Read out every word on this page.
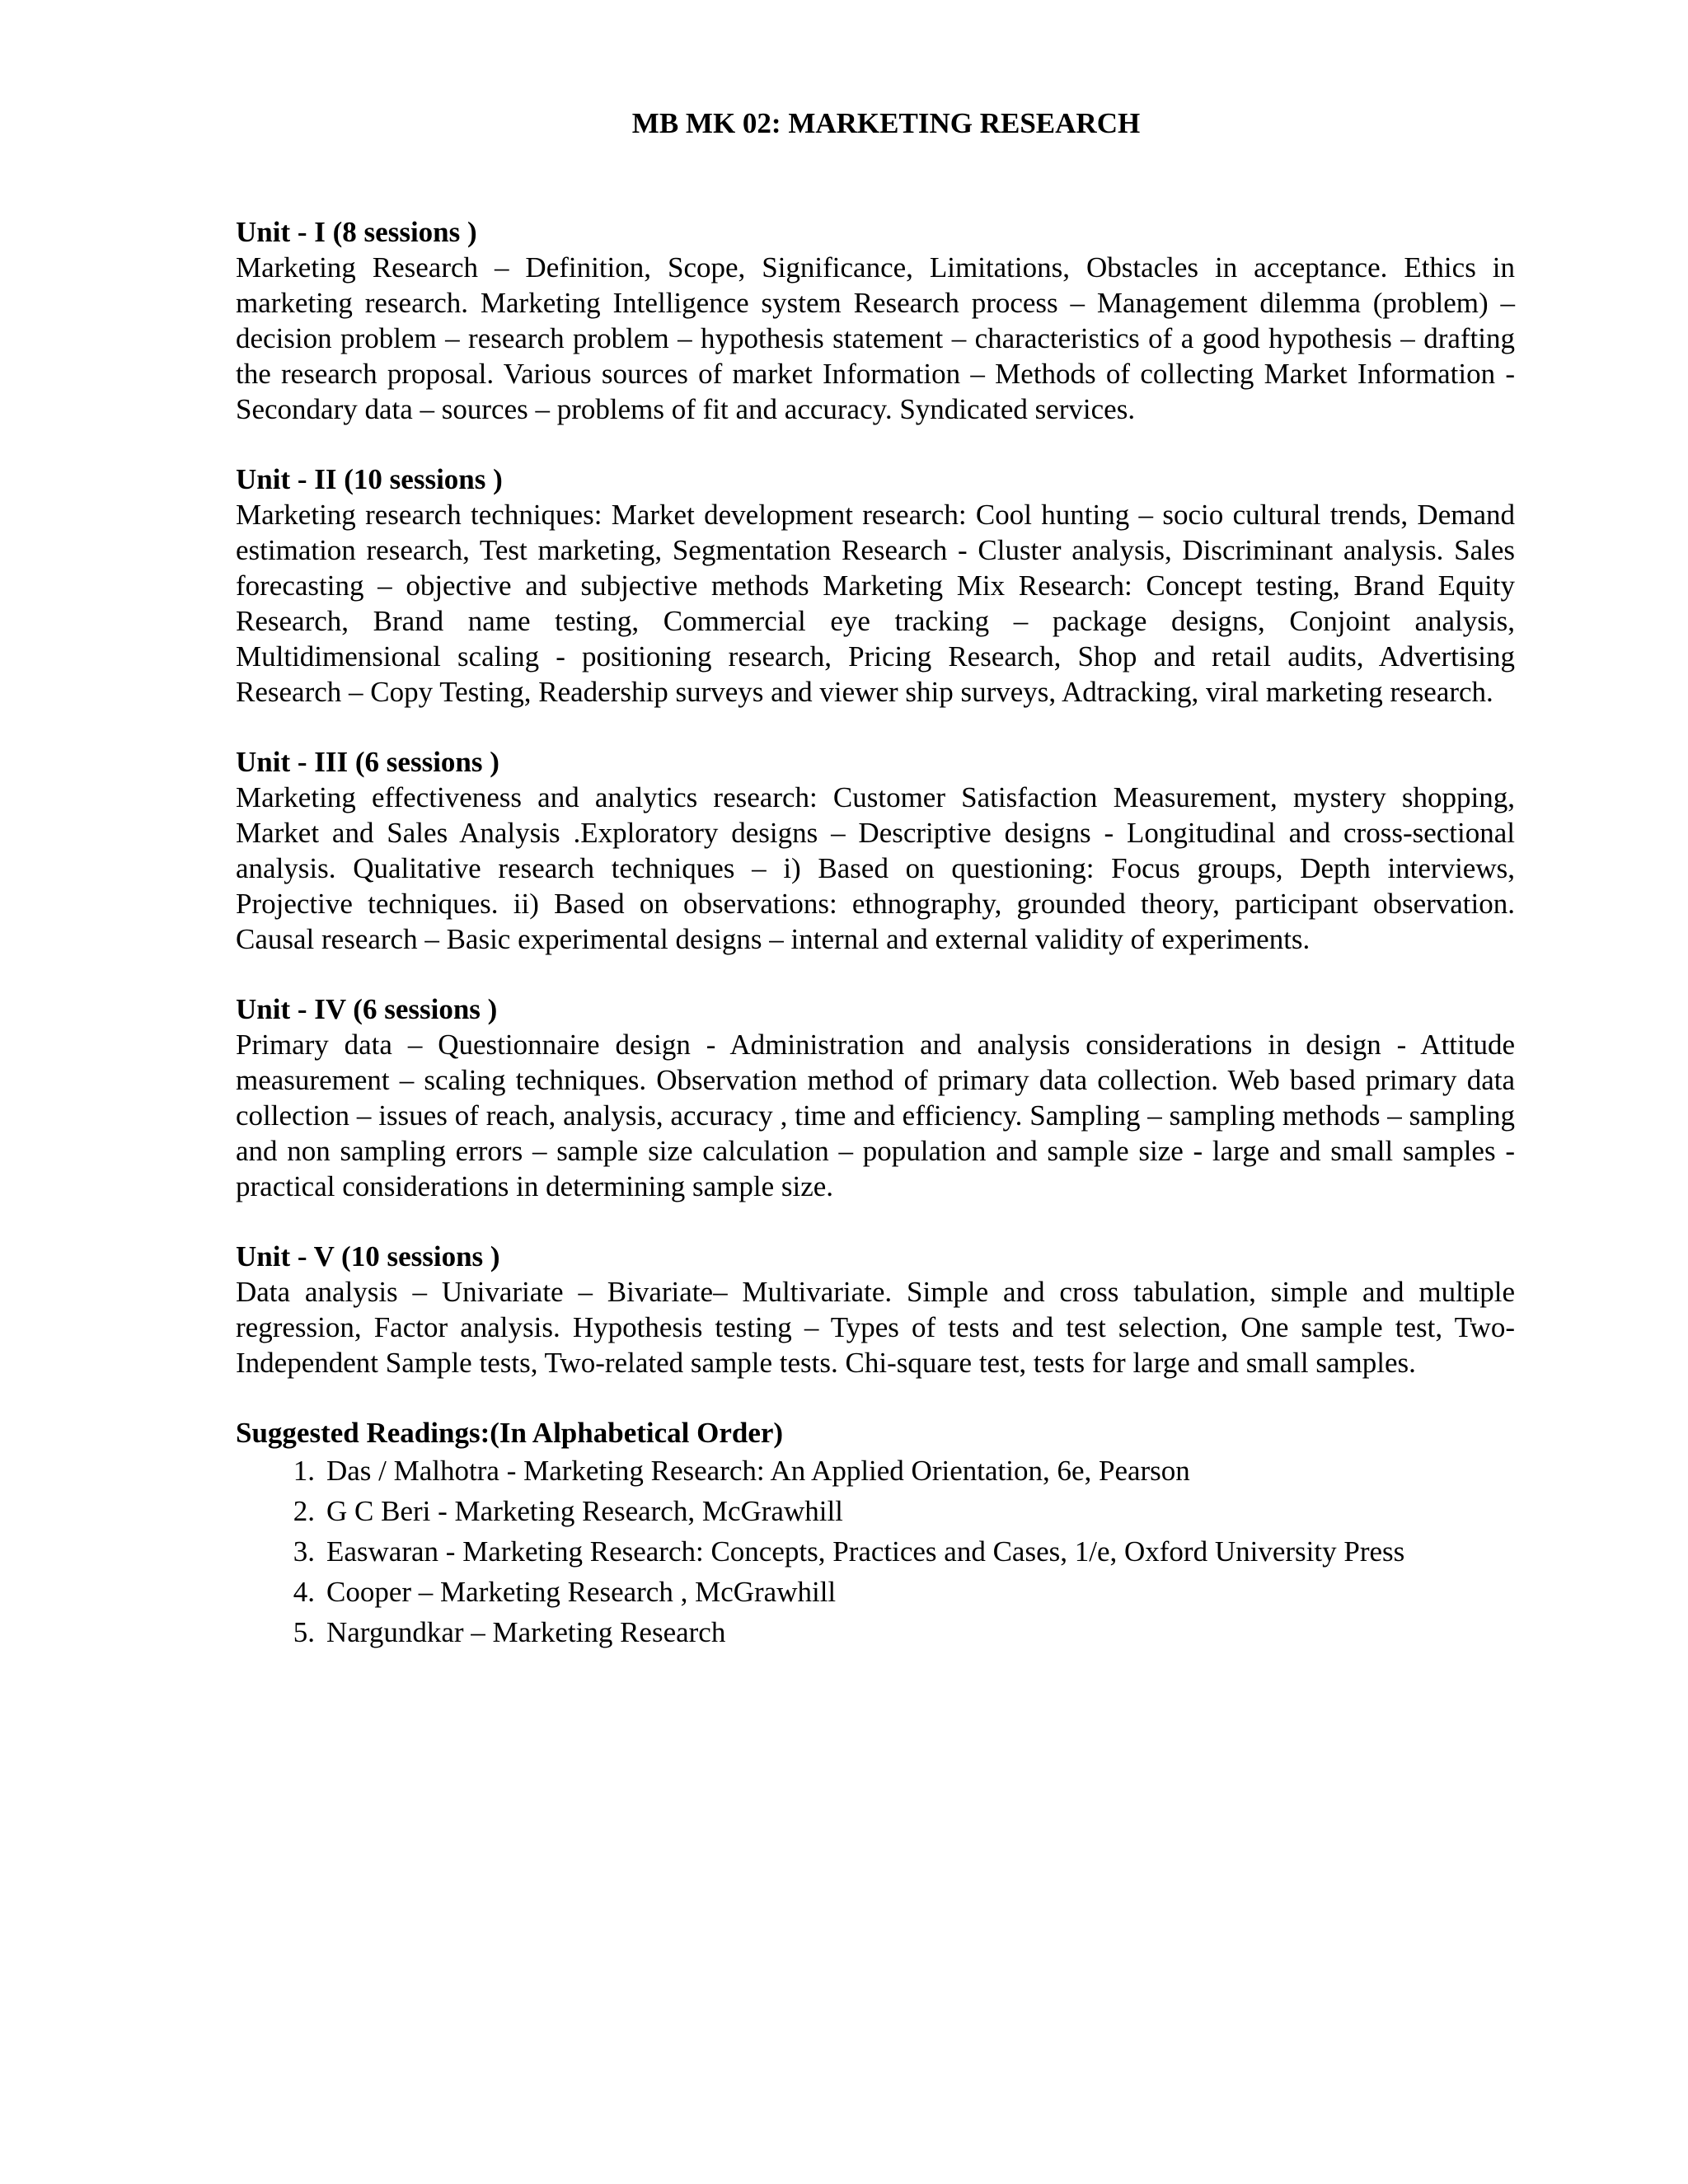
MB MK 02: MARKETING RESEARCH

Unit - I (8 sessions )

Marketing Research – Definition, Scope, Significance, Limitations, Obstacles in acceptance. Ethics in marketing research. Marketing Intelligence system Research process – Management dilemma (problem) – decision problem – research problem – hypothesis statement – characteristics of a good hypothesis – drafting the research proposal. Various sources of market Information – Methods of collecting Market Information - Secondary data – sources – problems of fit and accuracy. Syndicated services.

Unit - II (10 sessions )

Marketing research techniques: Market development research: Cool hunting – socio cultural trends, Demand estimation research, Test marketing, Segmentation Research - Cluster analysis, Discriminant analysis. Sales forecasting – objective and subjective methods Marketing Mix Research: Concept testing, Brand Equity Research, Brand name testing, Commercial eye tracking – package designs, Conjoint analysis, Multidimensional scaling - positioning research, Pricing Research, Shop and retail audits, Advertising Research – Copy Testing, Readership surveys and viewer ship surveys, Adtracking, viral marketing research.

Unit - III (6 sessions )

Marketing effectiveness and analytics research: Customer Satisfaction Measurement, mystery shopping, Market and Sales Analysis .Exploratory designs – Descriptive designs - Longitudinal and cross-sectional analysis. Qualitative research techniques – i) Based on questioning: Focus groups, Depth interviews, Projective techniques. ii) Based on observations: ethnography, grounded theory, participant observation. Causal research – Basic experimental designs – internal and external validity of experiments.

Unit - IV (6 sessions )

Primary data – Questionnaire design - Administration and analysis considerations in design - Attitude measurement – scaling techniques. Observation method of primary data collection. Web based primary data collection – issues of reach, analysis, accuracy , time and efficiency. Sampling – sampling methods – sampling and non sampling errors – sample size calculation – population and sample size - large and small samples - practical considerations in determining sample size.

Unit - V (10 sessions )

Data analysis – Univariate – Bivariate– Multivariate. Simple and cross tabulation, simple and multiple regression, Factor analysis. Hypothesis testing – Types of tests and test selection, One sample test, Two- Independent Sample tests, Two-related sample tests. Chi-square test, tests for large and small samples.

Suggested Readings:(In Alphabetical Order)

1. Das / Malhotra - Marketing Research: An Applied Orientation, 6e, Pearson
2. G C Beri - Marketing Research, McGrawhill
3. Easwaran - Marketing Research: Concepts, Practices and Cases, 1/e, Oxford University Press
4. Cooper – Marketing Research , McGrawhill
5. Nargundkar – Marketing Research
